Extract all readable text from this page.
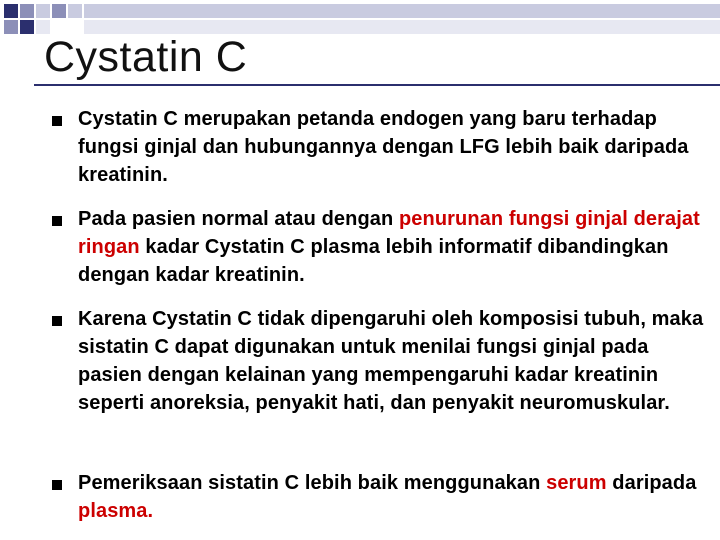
Cystatin C
Cystatin C merupakan petanda endogen yang baru terhadap fungsi ginjal dan hubungannya dengan LFG lebih baik daripada kreatinin.
Pada pasien normal atau dengan penurunan fungsi ginjal derajat ringan kadar Cystatin C plasma lebih informatif dibandingkan dengan kadar kreatinin.
Karena Cystatin C tidak dipengaruhi oleh komposisi tubuh, maka sistatin C dapat digunakan untuk menilai fungsi ginjal pada pasien dengan kelainan yang mempengaruhi kadar kreatinin seperti anoreksia, penyakit hati, dan penyakit neuromuskular.
Pemeriksaan sistatin C lebih baik menggunakan serum daripada plasma.
